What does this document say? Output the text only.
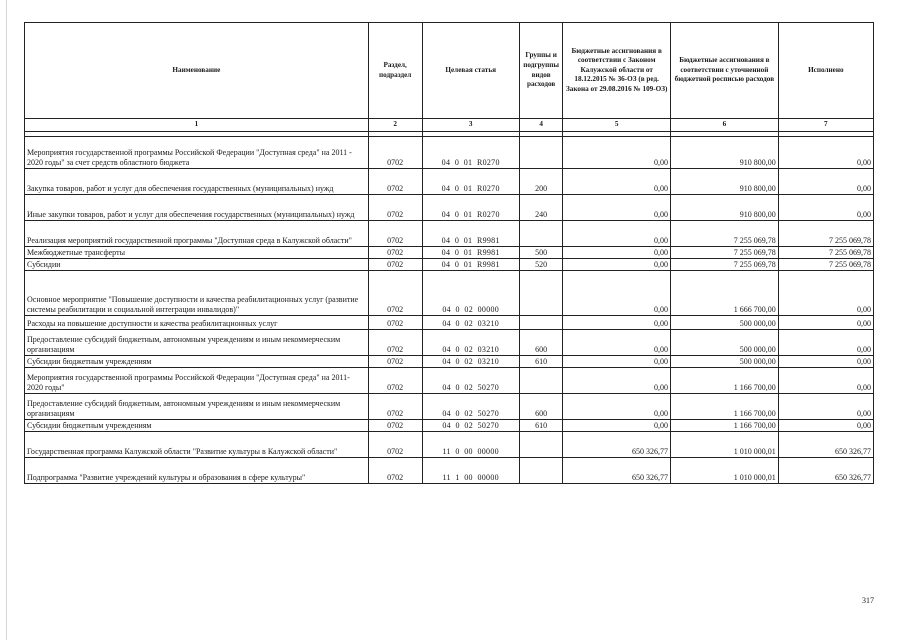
Наименование	Раздел, подраздел	Целевая статья	Группы и подгруппы видов расходов	Бюджетные ассигнования в соответствии с Законом Калужской области от 18.12.2015 № 36-ОЗ (в ред. Закона от 29.08.2016 № 109-ОЗ)	Бюджетные ассигнования в соответствии с уточненной бюджетной росписью расходов	Исполнено
1	2	3	4	5	6	7

Мероприятия государственной программы Российской Федерации "Доступная среда" на 2011 - 2020 годы" за счет средств областного бюджета	0702	04  0  01  R0270		0,00	910 800,00	0,00
Закупка товаров, работ и услуг для обеспечения государственных (муниципальных) нужд	0702	04  0  01  R0270	200	0,00	910 800,00	0,00
Иные закупки товаров, работ и услуг для обеспечения государственных (муниципальных) нужд	0702	04  0  01  R0270	240	0,00	910 800,00	0,00
Реализация мероприятий государственной программы "Доступная среда в Калужской области"	0702	04  0  01  R9981		0,00	7 255 069,78	7 255 069,78
Межбюджетные трансферты	0702	04  0  01  R9981	500	0,00	7 255 069,78	7 255 069,78
Субсидии	0702	04  0  01  R9981	520	0,00	7 255 069,78	7 255 069,78
Основное мероприятие "Повышение доступности и качества реабилитационных услуг (развитие системы реабилитации и социальной интеграции инвалидов)"	0702	04  0  02  00000		0,00	1 666 700,00	0,00
Расходы на повышение доступности и качества реабилитационных услуг	0702	04  0  02  03210		0,00	500 000,00	0,00
Предоставление субсидий бюджетным, автономным учреждениям и иным некоммерческим организациям	0702	04  0  02  03210	600	0,00	500 000,00	0,00
Субсидии бюджетным учреждениям	0702	04  0  02  03210	610	0,00	500 000,00	0,00
Мероприятия государственной программы Российской Федерации "Доступная среда" на 2011-2020 годы"	0702	04  0  02  50270		0,00	1 166 700,00	0,00
Предоставление субсидий бюджетным, автономным учреждениям и иным некоммерческим организациям	0702	04  0  02  50270	600	0,00	1 166 700,00	0,00
Субсидии бюджетным учреждениям	0702	04  0  02  50270	610	0,00	1 166 700,00	0,00
Государственная программа Калужской области "Развитие культуры в Калужской области"	0702	11  0  00  00000		650 326,77	1 010 000,01	650 326,77
Подпрограмма "Развитие учреждений культуры и образования в сфере культуры"	0702	11  1  00  00000		650 326,77	1 010 000,01	650 326,77
317
